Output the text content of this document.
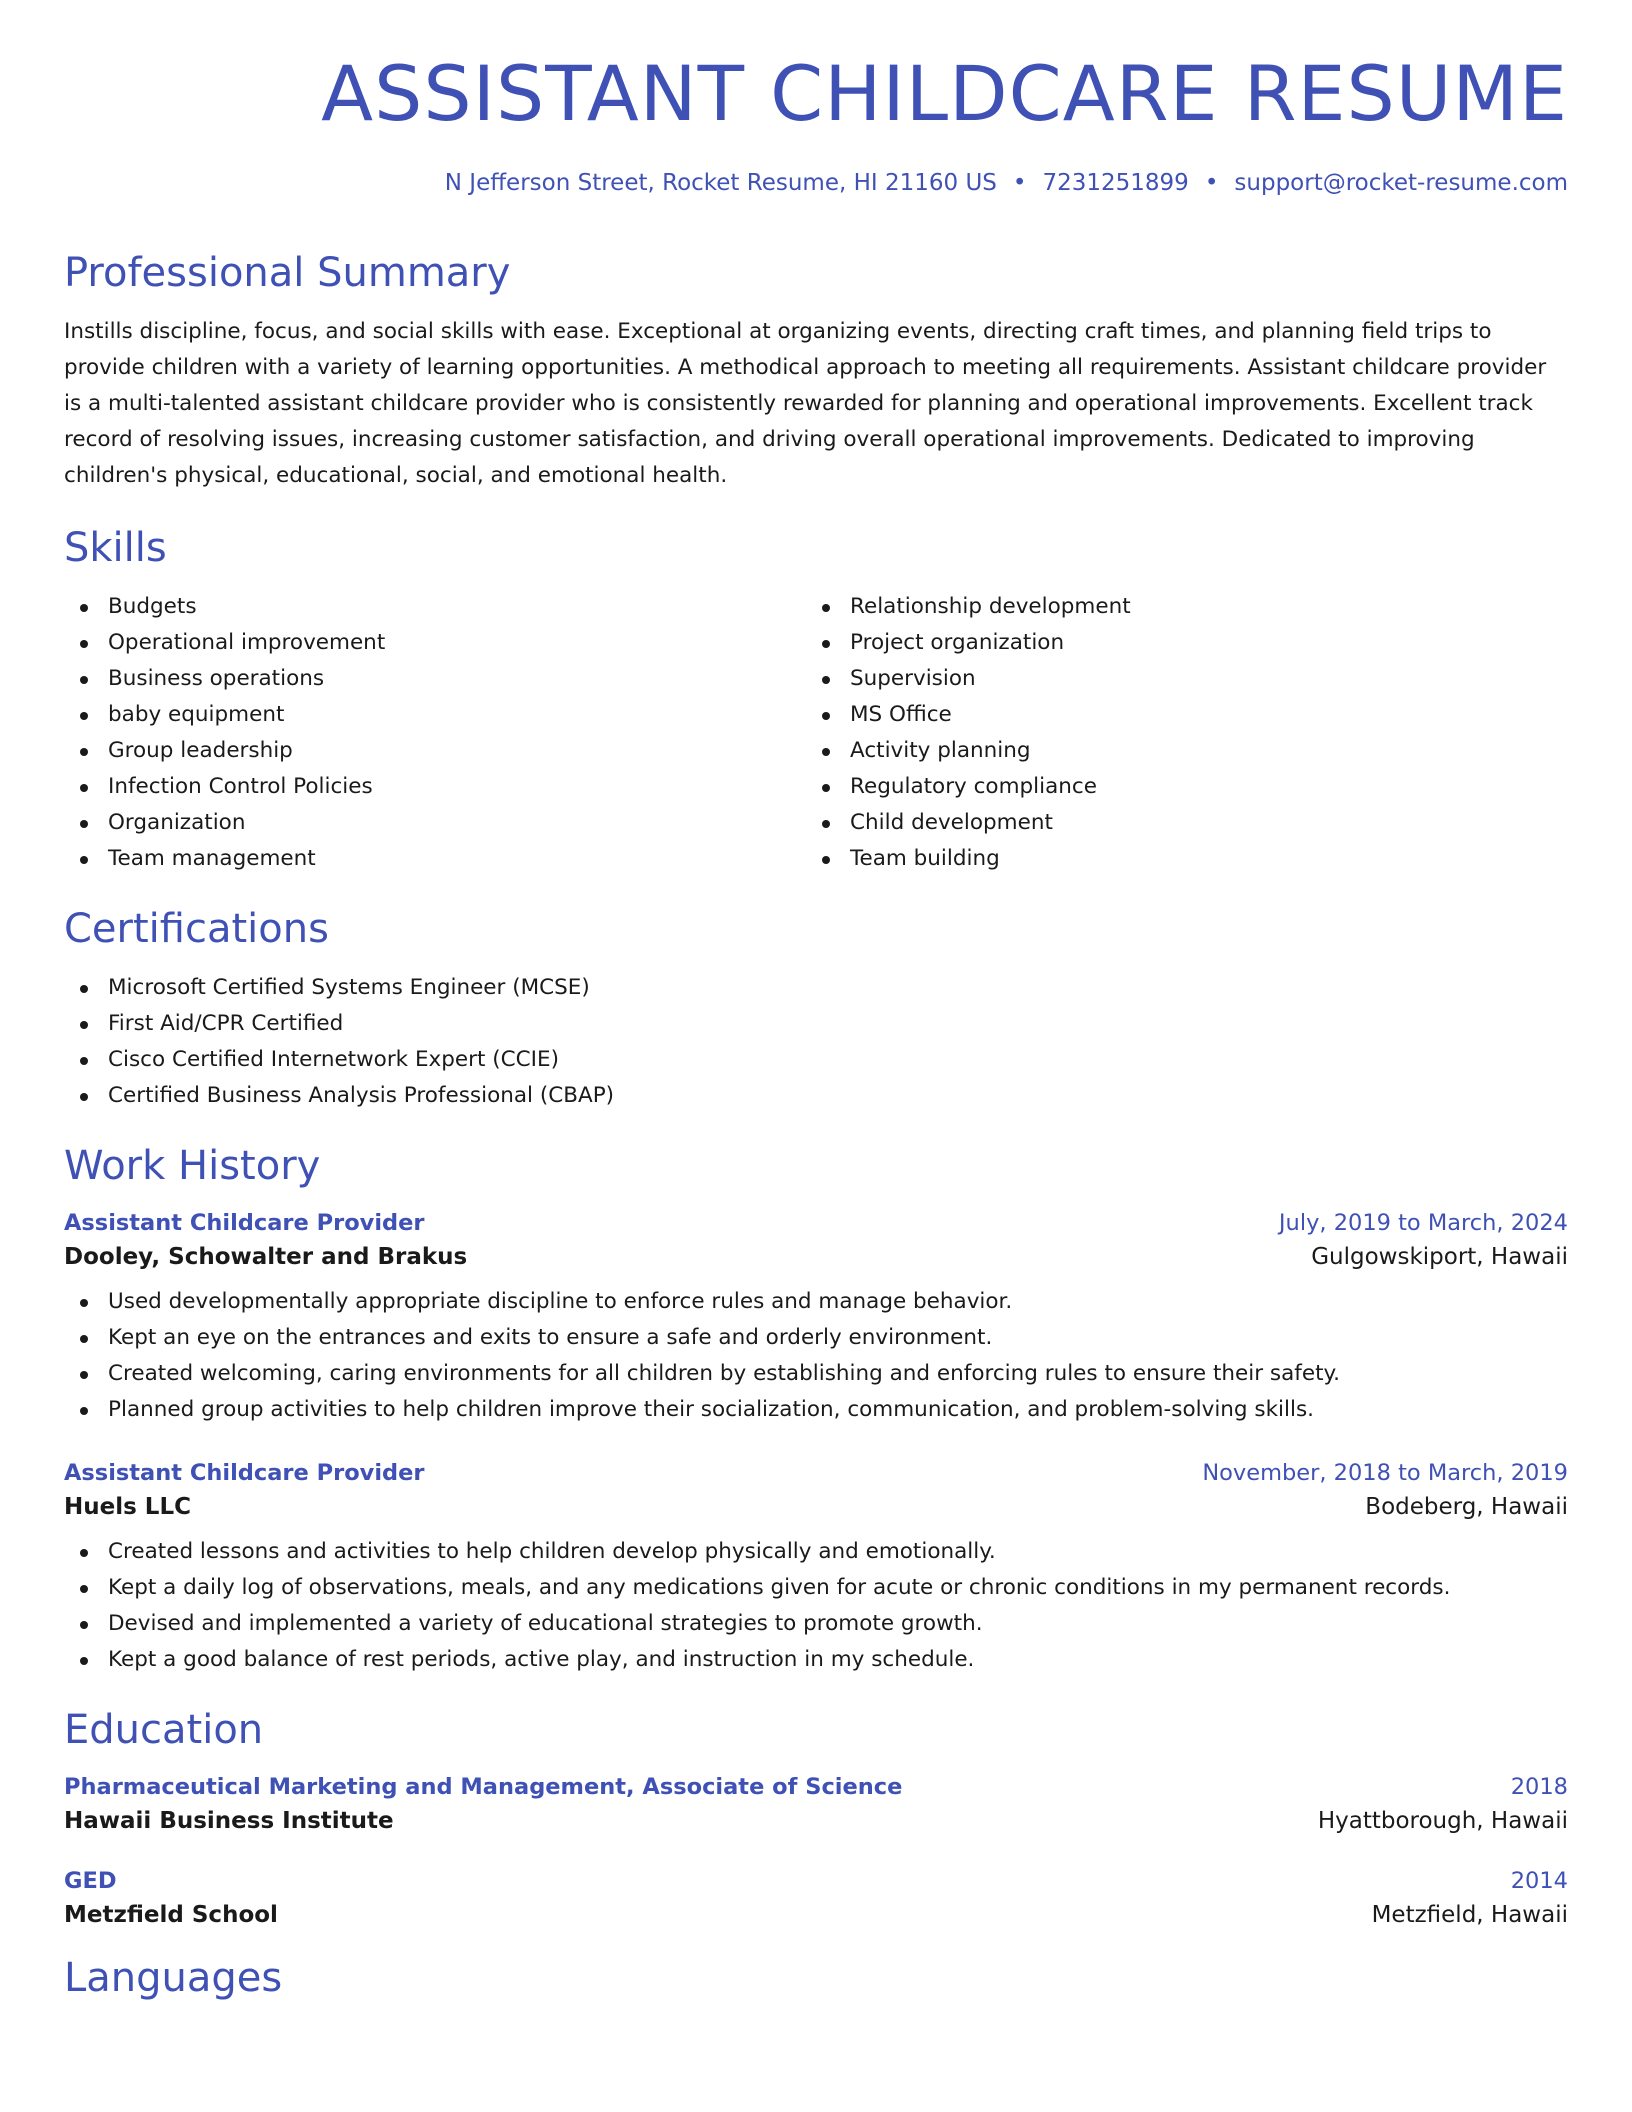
ASSISTANT CHILDCARE RESUME
N Jefferson Street, Rocket Resume, HI 21160 US • 7231251899 • support@rocket-resume.com
Professional Summary

Instills discipline, focus, and social skills with ease. Exceptional at organizing events, directing craft times, and planning field trips to provide children with a variety of learning opportunities. A methodical approach to meeting all requirements. Assistant childcare provider is a multi-talented assistant childcare provider who is consistently rewarded for planning and operational improvements. Excellent track record of resolving issues, increasing customer satisfaction, and driving overall operational improvements. Dedicated to improving children's physical, educational, social, and emotional health.

Skills
Budgets
Operational improvement
Business operations
baby equipment
Group leadership
Infection Control Policies
Organization
Team management
Relationship development
Project organization
Supervision
MS Office
Activity planning
Regulatory compliance
Child development
Team building
Certifications
Microsoft Certified Systems Engineer (MCSE)
First Aid/CPR Certified
Cisco Certified Internetwork Expert (CCIE)
Certified Business Analysis Professional (CBAP)
Work History
Assistant Childcare Provider	July, 2019 to March, 2024
Dooley, Schowalter and Brakus	Gulgowskiport, Hawaii
Used developmentally appropriate discipline to enforce rules and manage behavior.
Kept an eye on the entrances and exits to ensure a safe and orderly environment.
Created welcoming, caring environments for all children by establishing and enforcing rules to ensure their safety.
Planned group activities to help children improve their socialization, communication, and problem-solving skills.
Assistant Childcare Provider	November, 2018 to March, 2019
Huels LLC	Bodeberg, Hawaii
Created lessons and activities to help children develop physically and emotionally.
Kept a daily log of observations, meals, and any medications given for acute or chronic conditions in my permanent records.
Devised and implemented a variety of educational strategies to promote growth.
Kept a good balance of rest periods, active play, and instruction in my schedule.
Education
Pharmaceutical Marketing and Management, Associate of Science	2018
Hawaii Business Institute	Hyattborough, Hawaii
GED	2014
Metzfield School	Metzfield, Hawaii
Languages
